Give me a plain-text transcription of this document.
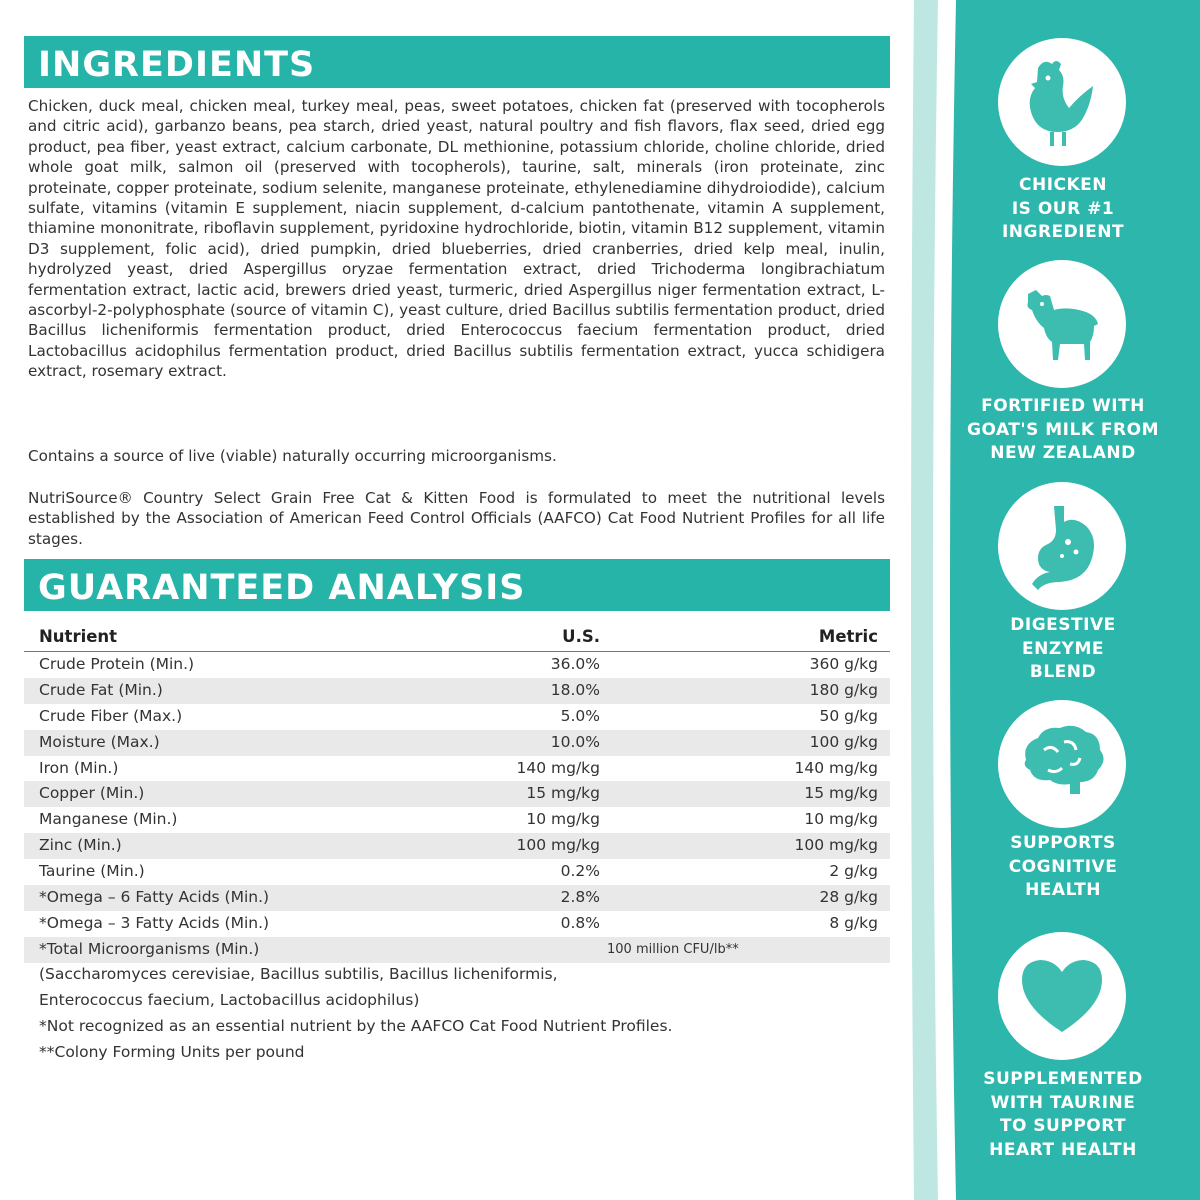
INGREDIENTS

Chicken, duck meal, chicken meal, turkey meal, peas, sweet potatoes, chicken fat (preserved with tocopherols and citric acid), garbanzo beans, pea starch, dried yeast, natural poultry and fish flavors, flax seed, dried egg product, pea fiber, yeast extract, calcium carbonate, DL methionine, potassium chloride, choline chloride, dried whole goat milk, salmon oil (preserved with tocopherols), taurine, salt, minerals (iron proteinate, zinc proteinate, copper proteinate, sodium selenite, manganese proteinate, ethylenediamine dihydroiodide), calcium sulfate, vitamins (vitamin E supplement, niacin supplement, d-calcium pantothenate, vitamin A supplement, thiamine mononitrate, riboflavin supplement, pyridoxine hydrochloride, biotin, vitamin B12 supplement, vitamin D3 supplement, folic acid), dried pumpkin, dried blueberries, dried cranberries, dried kelp meal, inulin, hydrolyzed yeast, dried Aspergillus oryzae fermentation extract, dried Trichoderma longibrachiatum fermentation extract, lactic acid, brewers dried yeast, turmeric, dried Aspergillus niger fermentation extract, L-ascorbyl-2-polyphosphate (source of vitamin C), yeast culture, dried Bacillus subtilis fermentation product, dried Bacillus licheniformis fermentation product, dried Enterococcus faecium fermentation product, dried Lactobacillus acidophilus fermentation product, dried Bacillus subtilis fermentation extract, yucca schidigera extract, rosemary extract.

Contains a source of live (viable) naturally occurring microorganisms.

NutriSource® Country Select Grain Free Cat & Kitten Food is formulated to meet the nutritional levels established by the Association of American Feed Control Officials (AAFCO) Cat Food Nutrient Profiles for all life stages.

GUARANTEED ANALYSIS
Nutrient	U.S.	Metric
Crude Protein (Min.)	36.0%	360 g/kg
Crude Fat (Min.)	18.0%	180 g/kg
Crude Fiber (Max.)	5.0%	50 g/kg
Moisture (Max.)	10.0%	100 g/kg
Iron (Min.)	140 mg/kg	140 mg/kg
Copper (Min.)	15 mg/kg	15 mg/kg
Manganese (Min.)	10 mg/kg	10 mg/kg
Zinc (Min.)	100 mg/kg	100 mg/kg
Taurine (Min.)	0.2%	2 g/kg
*Omega – 6 Fatty Acids (Min.)	2.8%	28 g/kg
*Omega – 3 Fatty Acids (Min.)	0.8%	8 g/kg
*Total Microorganisms (Min.)	100 million CFU/lb**

(Saccharomyces cerevisiae, Bacillus subtilis, Bacillus licheniformis,

Enterococcus faecium, Lactobacillus acidophilus)

*Not recognized as an essential nutrient by the AAFCO Cat Food Nutrient Profiles.

**Colony Forming Units per pound

CHICKEN
IS OUR #1
INGREDIENT
FORTIFIED WITH
GOAT'S MILK FROM
NEW ZEALAND
DIGESTIVE
ENZYME
BLEND
SUPPORTS
COGNITIVE
HEALTH
SUPPLEMENTED
WITH TAURINE
TO SUPPORT
HEART HEALTH
